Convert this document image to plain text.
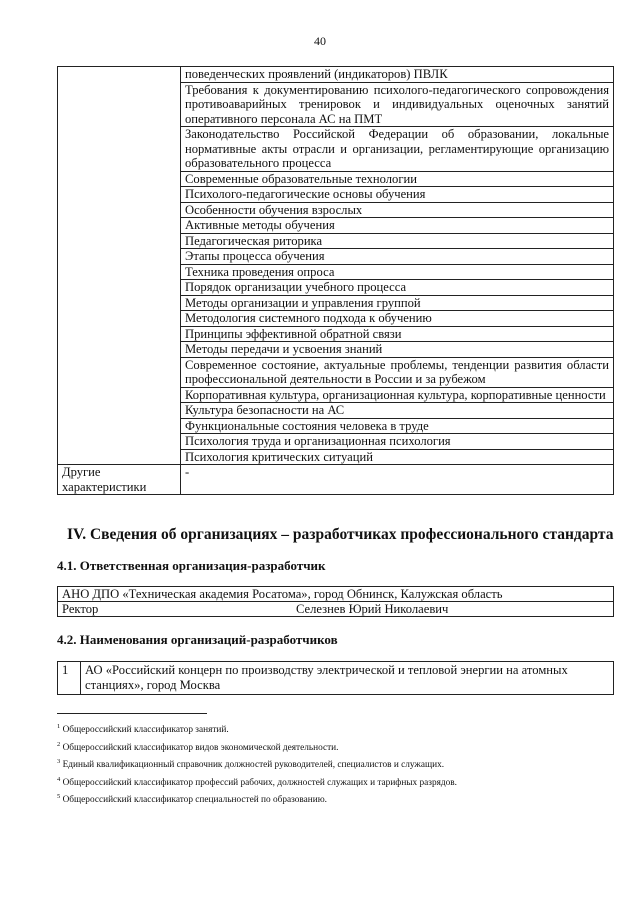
40
	поведенческих проявлений (индикаторов) ПВЛК
	Требования к документированию психолого-педагогического сопровождения противоаварийных тренировок и индивидуальных оценочных занятий оперативного персонала АС на ПМТ
	Законодательство Российской Федерации об образовании, локальные нормативные акты отрасли и организации, регламентирующие организацию образовательного процесса
	Современные образовательные технологии
	Психолого-педагогические основы обучения
	Особенности обучения взрослых
	Активные методы обучения
	Педагогическая риторика
	Этапы процесса обучения
	Техника проведения опроса
	Порядок организации учебного процесса
	Методы организации и управления группой
	Методология системного подхода к обучению
	Принципы эффективной обратной связи
	Методы передачи и усвоения знаний
	Современное состояние, актуальные проблемы, тенденции развития области профессиональной деятельности в России и за рубежом
	Корпоративная культура, организационная культура, корпоративные ценности
	Культура безопасности на АС
	Функциональные состояния человека в труде
	Психология труда и организационная психология
	Психология критических ситуаций
Другие характеристики	-
IV. Сведения об организациях – разработчиках профессионального стандарта
4.1. Ответственная организация-разработчик
АНО ДПО «Техническая академия Росатома», город Обнинск, Калужская область
Ректор	Селезнев Юрий Николаевич
4.2. Наименования организаций-разработчиков
1	АО «Российский концерн по производству электрической и тепловой энергии на атомных станциях», город Москва
$^1$ Общероссийский классификатор занятий.
$^2$ Общероссийский классификатор видов экономической деятельности.
$^3$ Единый квалификационный справочник должностей руководителей, специалистов и служащих.
$^4$ Общероссийский классификатор профессий рабочих, должностей служащих и тарифных разрядов.
$^5$ Общероссийский классификатор специальностей по образованию.
